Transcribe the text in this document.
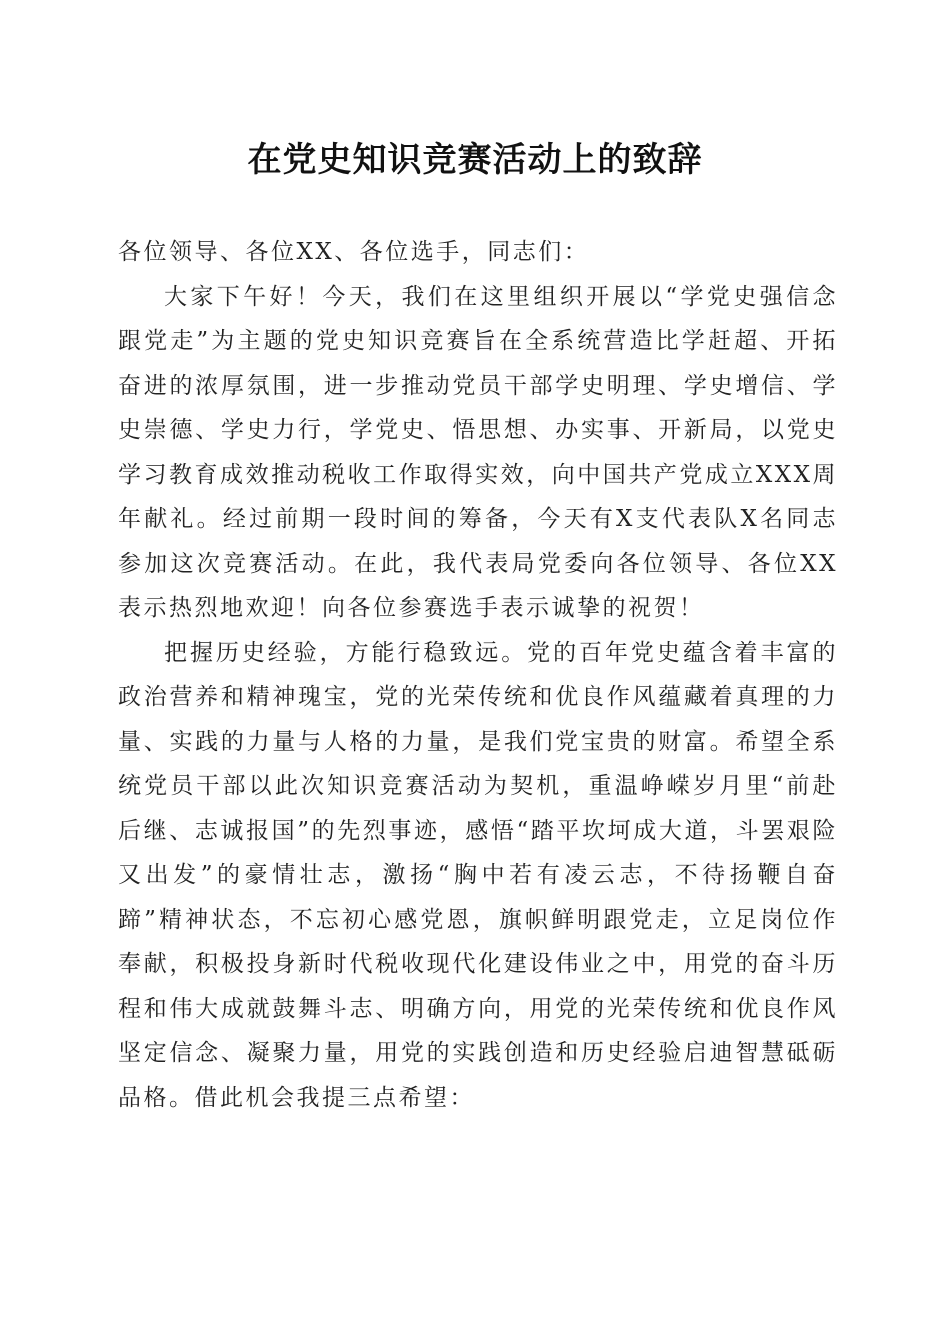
在党史知识竞赛活动上的致辞

各位领导、各位XX、各位选手，同志们：

大家下午好！今天，我们在这里组织开展以“学党史强信念跟党走”为主题的党史知识竞赛旨在全系统营造比学赶超、开拓奋进的浓厚氛围，进一步推动党员干部学史明理、学史增信、学史崇德、学史力行，学党史、悟思想、办实事、开新局，以党史学习教育成效推动税收工作取得实效，向中国共产党成立XXX周年献礼。经过前期一段时间的筹备，今天有X支代表队X名同志参加这次竞赛活动。在此，我代表局党委向各位领导、各位XX表示热烈地欢迎！向各位参赛选手表示诚挚的祝贺！

把握历史经验，方能行稳致远。党的百年党史蕴含着丰富的政治营养和精神瑰宝，党的光荣传统和优良作风蕴藏着真理的力量、实践的力量与人格的力量，是我们党宝贵的财富。希望全系统党员干部以此次知识竞赛活动为契机，重温峥嵘岁月里“前赴后继、志诚报国”的先烈事迹，感悟“踏平坎坷成大道，斗罢艰险又出发”的豪情壮志，激扬“胸中若有凌云志，不待扬鞭自奋蹄”精神状态，不忘初心感党恩，旗帜鲜明跟党走，立足岗位作奉献，积极投身新时代税收现代化建设伟业之中，用党的奋斗历程和伟大成就鼓舞斗志、明确方向，用党的光荣传统和优良作风坚定信念、凝聚力量，用党的实践创造和历史经验启迪智慧砥砺品格。借此机会我提三点希望：
